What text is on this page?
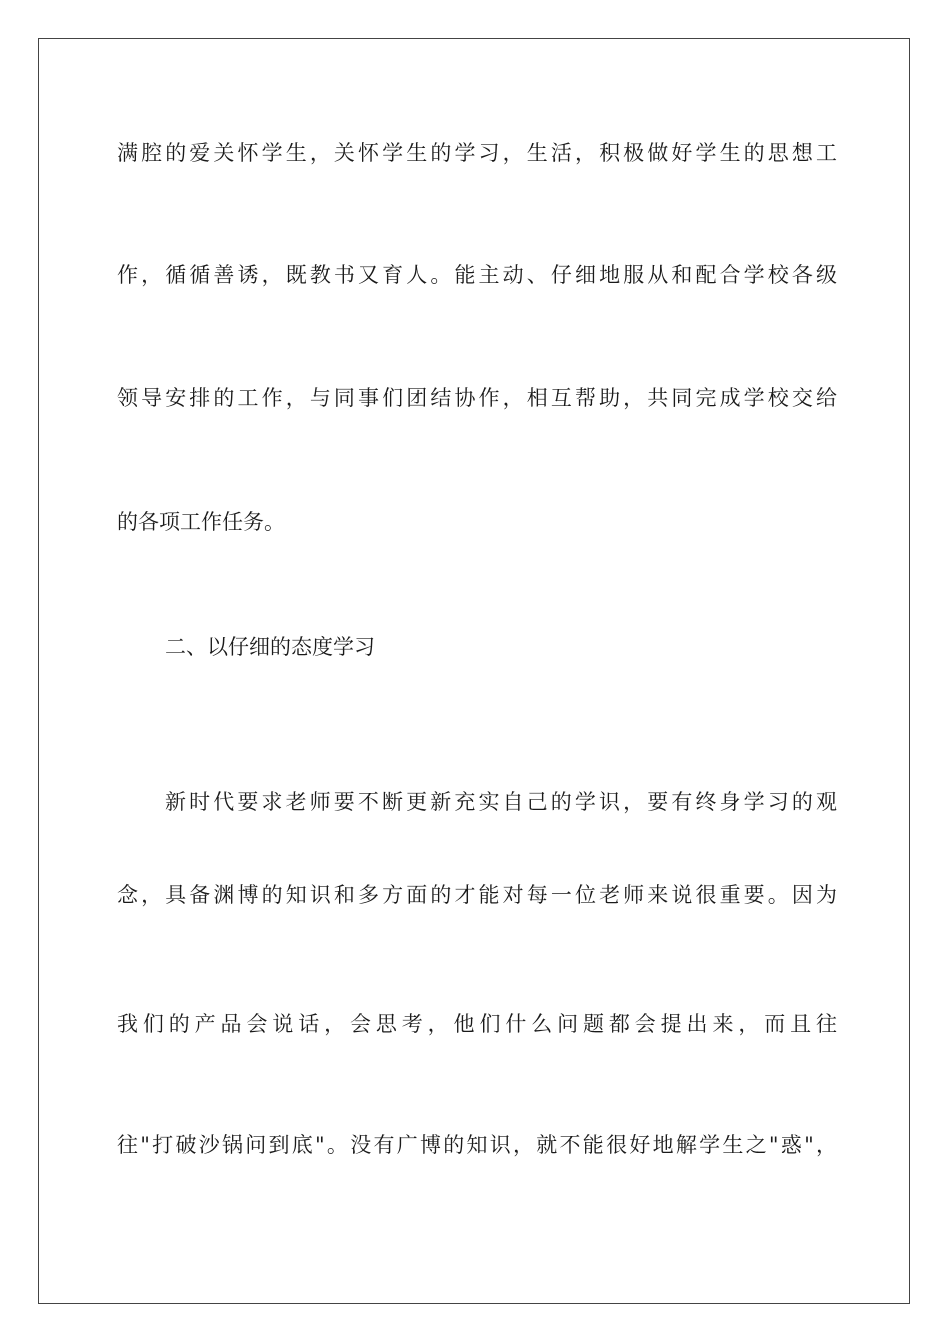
满腔的爱关怀学生，关怀学生的学习，生活，积极做好学生的思想工
作，循循善诱，既教书又育人。能主动、仔细地服从和配合学校各级
领导安排的工作，与同事们团结协作，相互帮助，共同完成学校交给
的各项工作任务。
二、以仔细的态度学习
新时代要求老师要不断更新充实自己的学识，要有终身学习的观
念，具备渊博的知识和多方面的才能对每一位老师来说很重要。因为
我们的产品会说话，会思考，他们什么问题都会提出来，而且往
往"打破沙锅问到底"。没有广博的知识，就不能很好地解学生之"惑"，
